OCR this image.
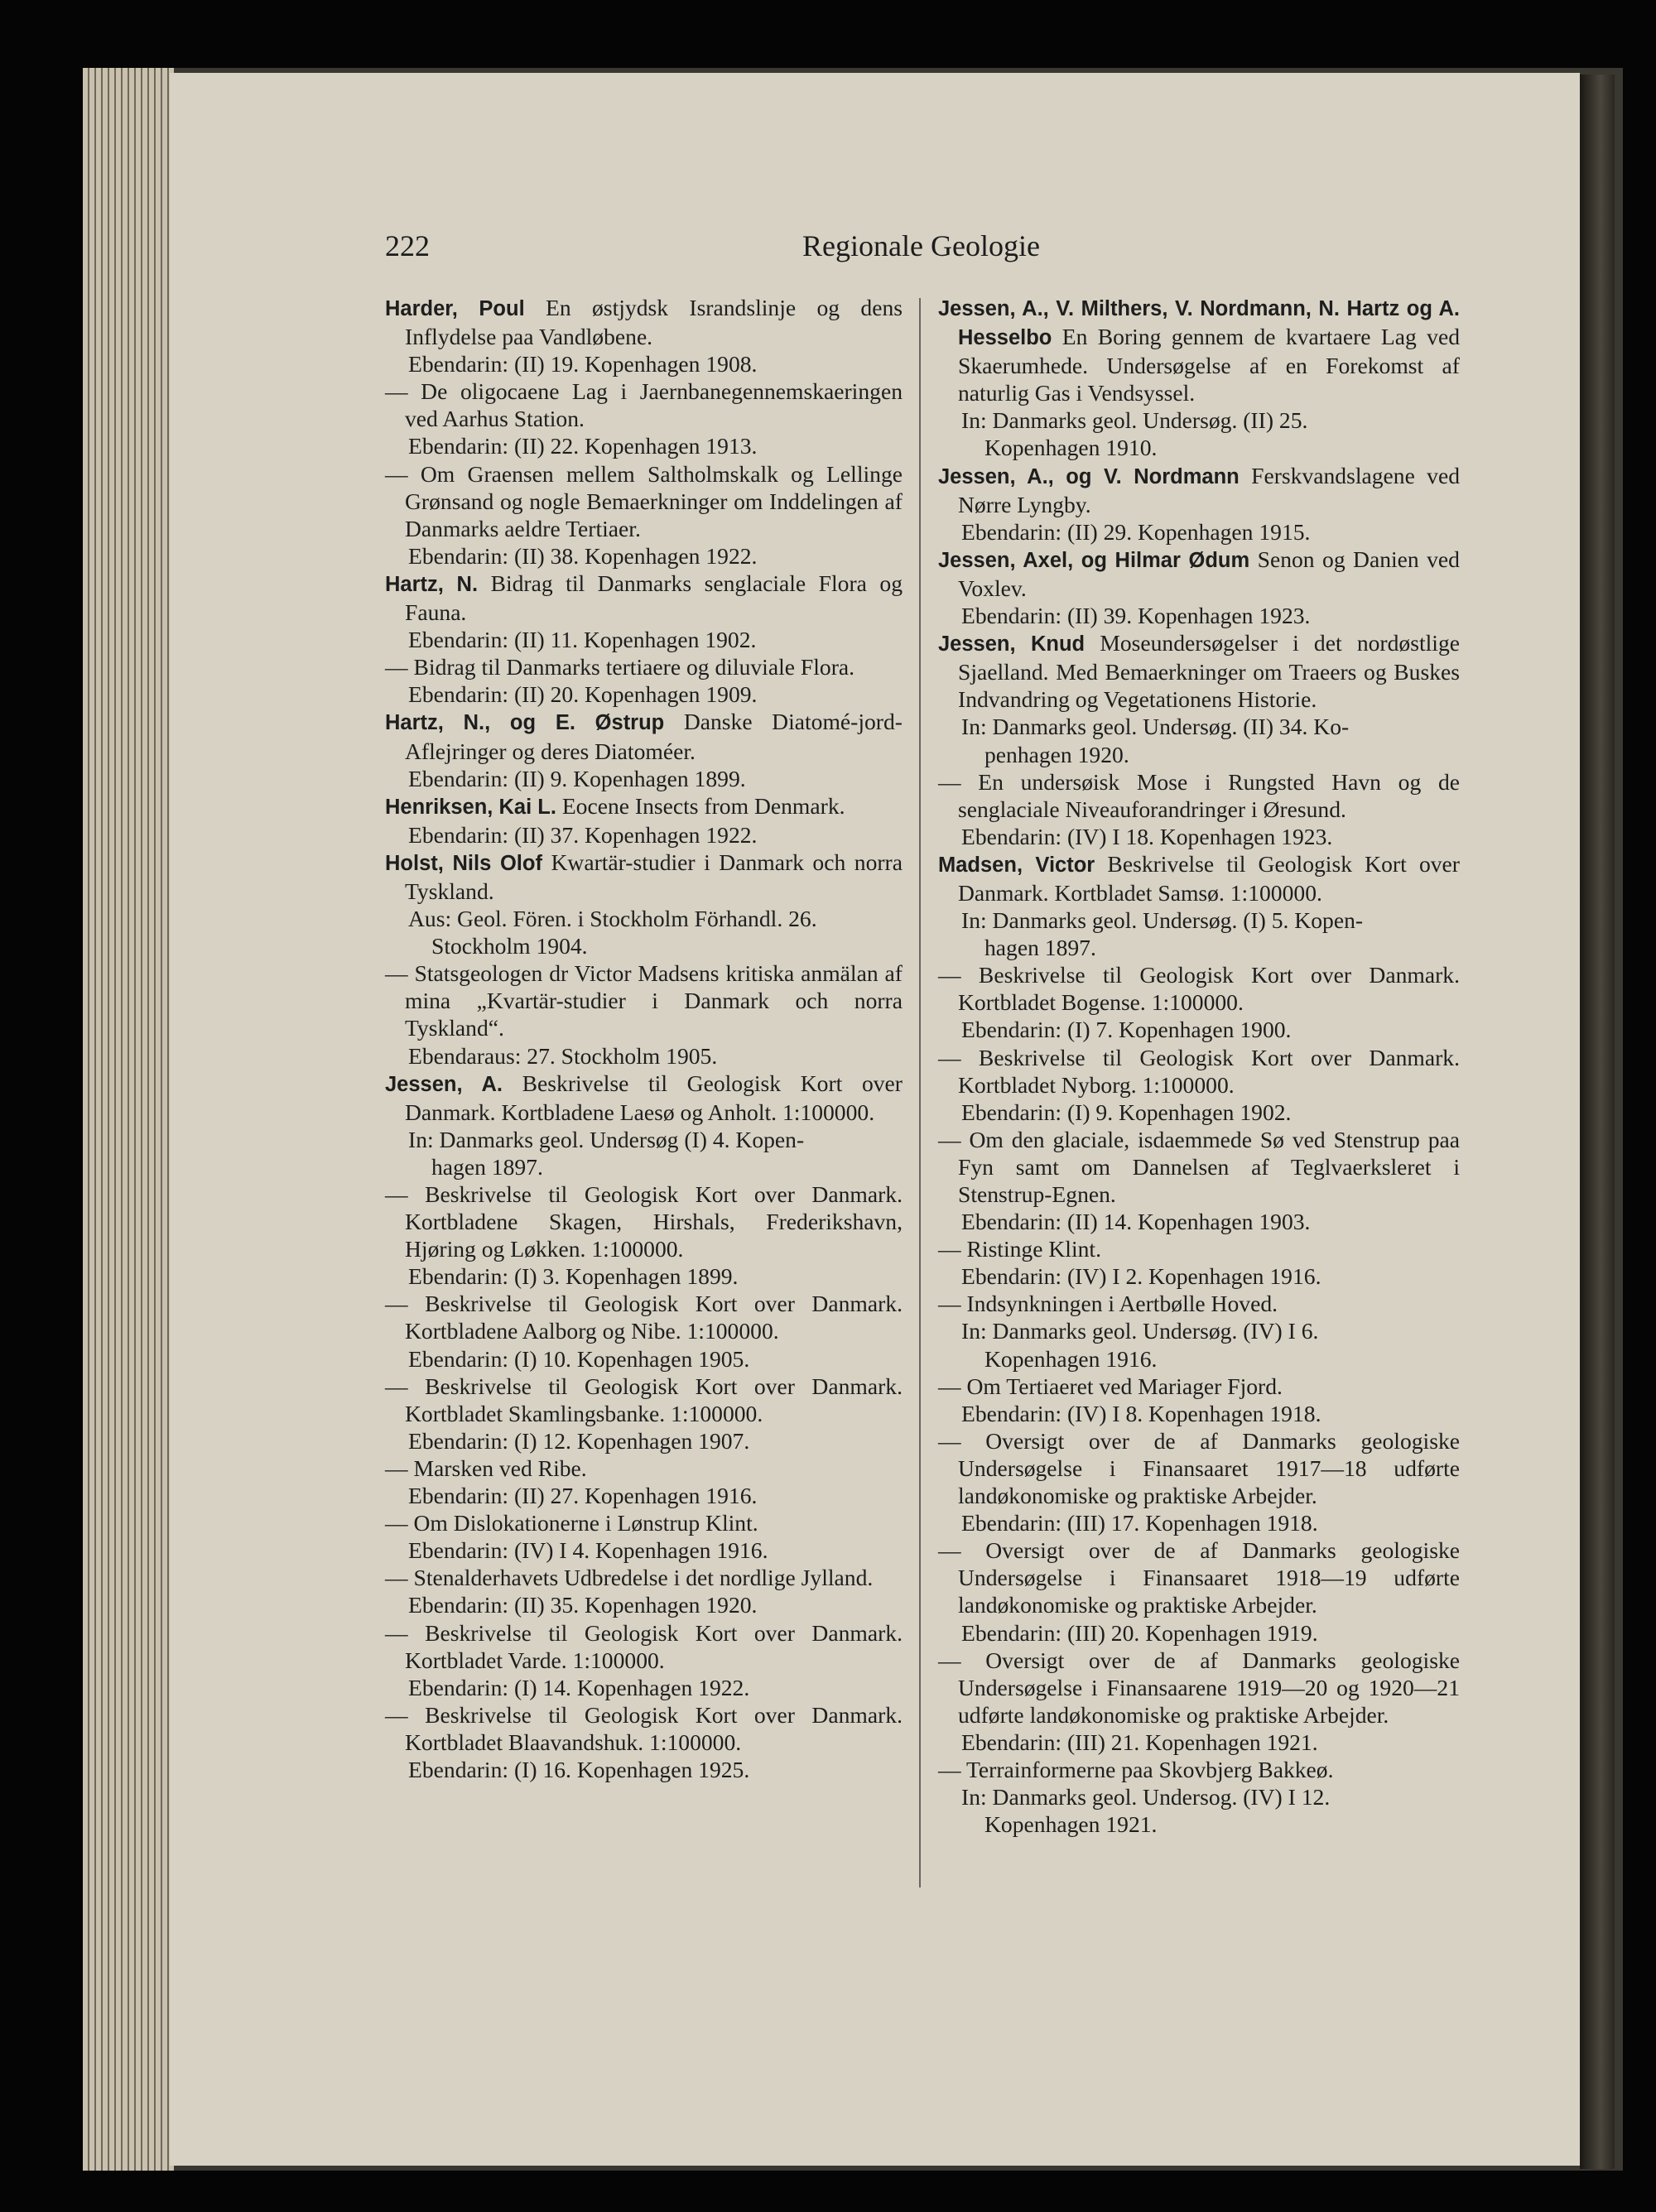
222	Regionale Geologie

Harder, Poul En østjydsk Israndslinje og dens Inflydelse paa Vandløbene.

Ebendarin: (II) 19. Kopenhagen 1908.

— De oligocaene Lag i Jaernbanegennemskaeringen ved Aarhus Station.

Ebendarin: (II) 22. Kopenhagen 1913.

— Om Graensen mellem Saltholmskalk og Lellinge Grønsand og nogle Bemaerkninger om Inddelingen af Danmarks aeldre Tertiaer.

Ebendarin: (II) 38. Kopenhagen 1922.

Hartz, N. Bidrag til Danmarks senglaciale Flora og Fauna.

Ebendarin: (II) 11. Kopenhagen 1902.

— Bidrag til Danmarks tertiaere og diluviale Flora.

Ebendarin: (II) 20. Kopenhagen 1909.

Hartz, N., og E. Østrup Danske Diatomé-jord-Aflejringer og deres Diatoméer.

Ebendarin: (II) 9. Kopenhagen 1899.

Henriksen, Kai L. Eocene Insects from Denmark.

Ebendarin: (II) 37. Kopenhagen 1922.

Holst, Nils Olof Kwartär-studier i Danmark och norra Tyskland.

Aus: Geol. Fören. i Stockholm Förhandl. 26.

Stockholm 1904.

— Statsgeologen dr Victor Madsens kritiska anmälan af mina „Kvartär-studier i Danmark och norra Tyskland“.

Ebendaraus: 27. Stockholm 1905.

Jessen, A. Beskrivelse til Geologisk Kort over Danmark. Kortbladene Laesø og Anholt. 1:100000.

In: Danmarks geol. Undersøg (I) 4. Kopen-

hagen 1897.

— Beskrivelse til Geologisk Kort over Danmark. Kortbladene Skagen, Hirshals, Frederikshavn, Hjøring og Løkken. 1:100000.

Ebendarin: (I) 3. Kopenhagen 1899.

— Beskrivelse til Geologisk Kort over Danmark. Kortbladene Aalborg og Nibe. 1:100000.

Ebendarin: (I) 10. Kopenhagen 1905.

— Beskrivelse til Geologisk Kort over Danmark. Kortbladet Skamlingsbanke. 1:100000.

Ebendarin: (I) 12. Kopenhagen 1907.

— Marsken ved Ribe.

Ebendarin: (II) 27. Kopenhagen 1916.

— Om Dislokationerne i Lønstrup Klint.

Ebendarin: (IV) I 4. Kopenhagen 1916.

— Stenalderhavets Udbredelse i det nordlige Jylland.

Ebendarin: (II) 35. Kopenhagen 1920.

— Beskrivelse til Geologisk Kort over Danmark. Kortbladet Varde. 1:100000.

Ebendarin: (I) 14. Kopenhagen 1922.

— Beskrivelse til Geologisk Kort over Danmark. Kortbladet Blaavandshuk. 1:100000.

Ebendarin: (I) 16. Kopenhagen 1925.

Jessen, A., V. Milthers, V. Nordmann, N. Hartz og A. Hesselbo En Boring gennem de kvartaere Lag ved Skaerumhede. Undersøgelse af en Forekomst af naturlig Gas i Vendsyssel.

In: Danmarks geol. Undersøg. (II) 25.

Kopenhagen 1910.

Jessen, A., og V. Nordmann Ferskvandslagene ved Nørre Lyngby.

Ebendarin: (II) 29. Kopenhagen 1915.

Jessen, Axel, og Hilmar Ødum Senon og Danien ved Voxlev.

Ebendarin: (II) 39. Kopenhagen 1923.

Jessen, Knud Moseundersøgelser i det nordøstlige Sjaelland. Med Bemaerkninger om Traeers og Buskes Indvandring og Vegetationens Historie.

In: Danmarks geol. Undersøg. (II) 34. Ko-

penhagen 1920.

— En undersøisk Mose i Rungsted Havn og de senglaciale Niveauforandringer i Øresund.

Ebendarin: (IV) I 18. Kopenhagen 1923.

Madsen, Victor Beskrivelse til Geologisk Kort over Danmark. Kortbladet Samsø. 1:100000.

In: Danmarks geol. Undersøg. (I) 5. Kopen-

hagen 1897.

— Beskrivelse til Geologisk Kort over Danmark. Kortbladet Bogense. 1:100000.

Ebendarin: (I) 7. Kopenhagen 1900.

— Beskrivelse til Geologisk Kort over Danmark. Kortbladet Nyborg. 1:100000.

Ebendarin: (I) 9. Kopenhagen 1902.

— Om den glaciale, isdaemmede Sø ved Stenstrup paa Fyn samt om Dannelsen af Teglvaerksleret i Stenstrup-Egnen.

Ebendarin: (II) 14. Kopenhagen 1903.

— Ristinge Klint.

Ebendarin: (IV) I 2. Kopenhagen 1916.

— Indsynkningen i Aertbølle Hoved.

In: Danmarks geol. Undersøg. (IV) I 6.

Kopenhagen 1916.

— Om Tertiaeret ved Mariager Fjord.

Ebendarin: (IV) I 8. Kopenhagen 1918.

— Oversigt over de af Danmarks geologiske Undersøgelse i Finansaaret 1917—18 udførte landøkonomiske og praktiske Arbejder.

Ebendarin: (III) 17. Kopenhagen 1918.

— Oversigt over de af Danmarks geologiske Undersøgelse i Finansaaret 1918—19 udførte landøkonomiske og praktiske Arbejder.

Ebendarin: (III) 20. Kopenhagen 1919.

— Oversigt over de af Danmarks geologiske Undersøgelse i Finansaarene 1919—20 og 1920—21 udførte landøkonomiske og praktiske Arbejder.

Ebendarin: (III) 21. Kopenhagen 1921.

— Terrainformerne paa Skovbjerg Bakkeø.

In: Danmarks geol. Undersog. (IV) I 12.

Kopenhagen 1921.
